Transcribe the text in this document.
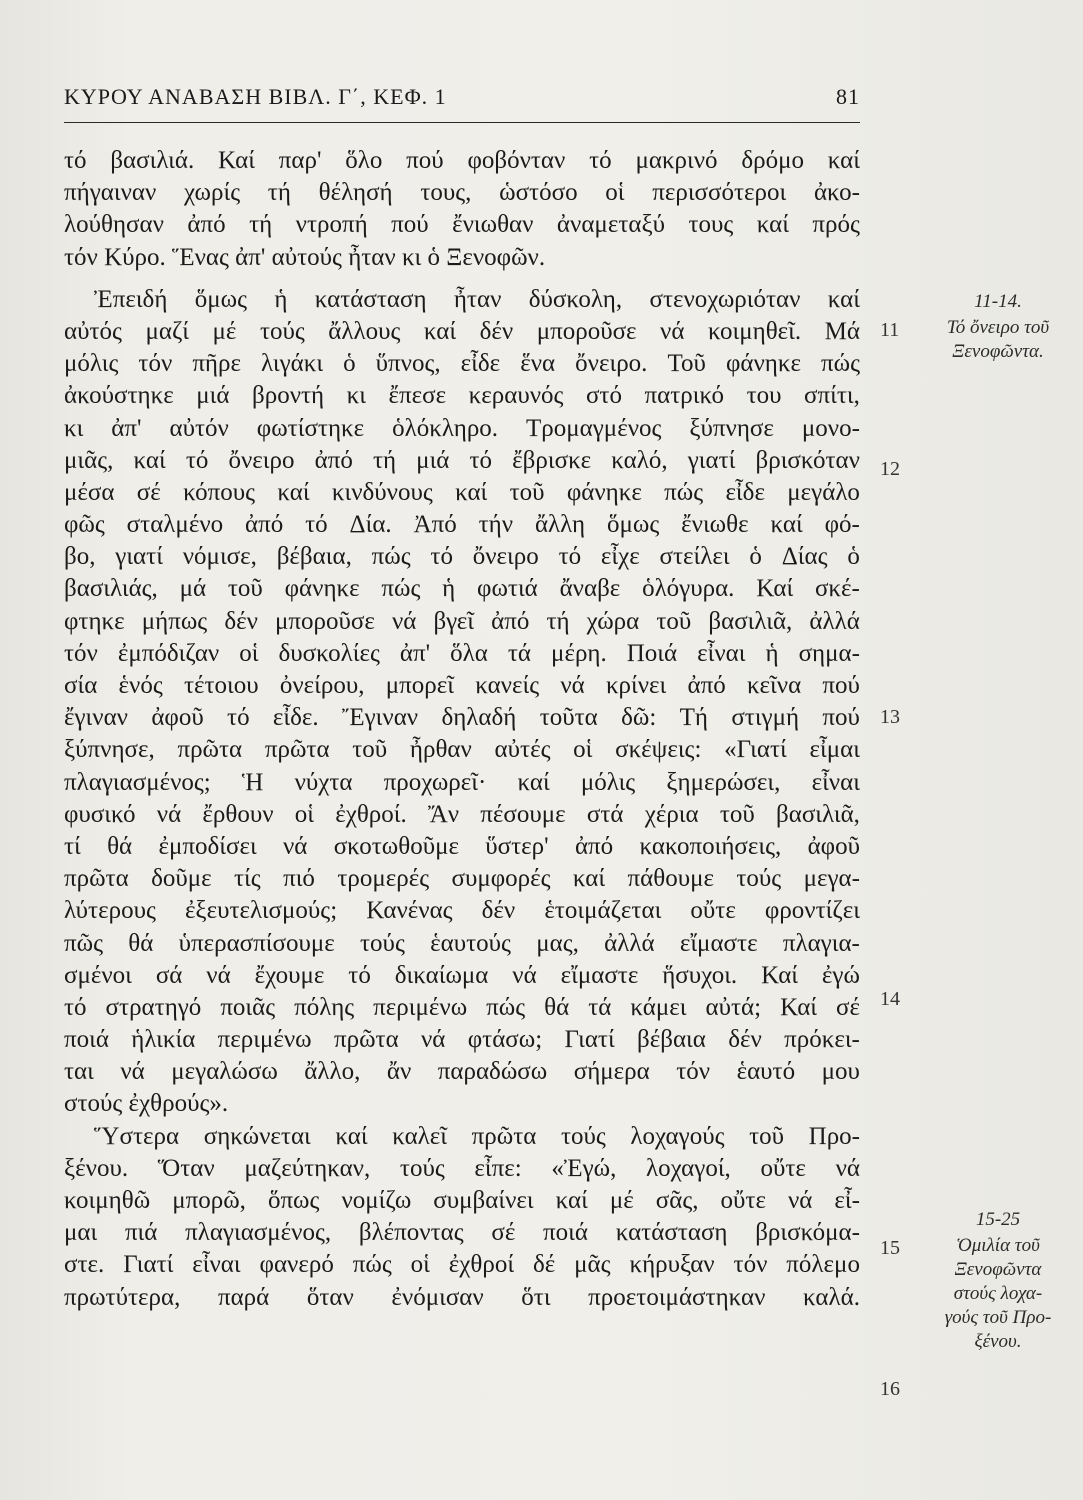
ΚΥΡΟΥ ΑΝΑΒΑΣΗ ΒΙΒΛ. Γ΄, ΚΕΦ. 1	81
τό βασιλιά. Καί παρ' ὅλο πού φοβόνταν τό μακρινό δρόμο καί
πήγαιναν χωρίς τή θέλησή τους, ὡστόσο οἱ περισσότεροι ἀκο-
λούθησαν ἀπό τή ντροπή πού ἔνιωθαν ἀναμεταξύ τους καί πρός
τόν Κύρο. Ἕνας ἀπ' αὐτούς ἦταν κι ὁ Ξενοφῶν.
Ἐπειδή ὅμως ἡ κατάσταση ἦταν δύσκολη, στενοχωριόταν καί
αὐτός μαζί μέ τούς ἄλλους καί δέν μποροῦσε νά κοιμηθεῖ. Μά
μόλις τόν πῆρε λιγάκι ὁ ὕπνος, εἶδε ἕνα ὄνειρο. Τοῦ φάνηκε πώς
ἀκούστηκε μιά βροντή κι ἔπεσε κεραυνός στό πατρικό του σπίτι,
κι ἀπ' αὐτόν φωτίστηκε ὁλόκληρο. Τρομαγμένος ξύπνησε μονο-
μιᾶς, καί τό ὄνειρο ἀπό τή μιά τό ἔβρισκε καλό, γιατί βρισκόταν
μέσα σέ κόπους καί κινδύνους καί τοῦ φάνηκε πώς εἶδε μεγάλο
φῶς σταλμένο ἀπό τό Δία. Ἀπό τήν ἄλλη ὅμως ἔνιωθε καί φό-
βο, γιατί νόμισε, βέβαια, πώς τό ὄνειρο τό εἶχε στείλει ὁ Δίας ὁ
βασιλιάς, μά τοῦ φάνηκε πώς ἡ φωτιά ἄναβε ὁλόγυρα. Καί σκέ-
φτηκε μήπως δέν μποροῦσε νά βγεῖ ἀπό τή χώρα τοῦ βασιλιᾶ, ἀλλά
τόν ἐμπόδιζαν οἱ δυσκολίες ἀπ' ὅλα τά μέρη. Ποιά εἶναι ἡ σημα-
σία ἑνός τέτοιου ὀνείρου, μπορεῖ κανείς νά κρίνει ἀπό κεῖνα πού
ἔγιναν ἀφοῦ τό εἶδε. Ἔγιναν δηλαδή τοῦτα δῶ: Τή στιγμή πού
ξύπνησε, πρῶτα πρῶτα τοῦ ἦρθαν αὐτές οἱ σκέψεις: «Γιατί εἶμαι
πλαγιασμένος; Ἡ νύχτα προχωρεῖ· καί μόλις ξημερώσει, εἶναι
φυσικό νά ἔρθουν οἱ ἐχθροί. Ἄν πέσουμε στά χέρια τοῦ βασιλιᾶ,
τί θά ἐμποδίσει νά σκοτωθοῦμε ὕστερ' ἀπό κακοποιήσεις, ἀφοῦ
πρῶτα δοῦμε τίς πιό τρομερές συμφορές καί πάθουμε τούς μεγα-
λύτερους ἐξευτελισμούς; Κανένας δέν ἑτοιμάζεται οὔτε φροντίζει
πῶς θά ὑπερασπίσουμε τούς ἑαυτούς μας, ἀλλά εἴμαστε πλαγια-
σμένοι σά νά ἔχουμε τό δικαίωμα νά εἴμαστε ἥσυχοι. Καί ἐγώ
τό στρατηγό ποιᾶς πόλης περιμένω πώς θά τά κάμει αὐτά; Καί σέ
ποιά ἡλικία περιμένω πρῶτα νά φτάσω; Γιατί βέβαια δέν πρόκει-
ται νά μεγαλώσω ἄλλο, ἄν παραδώσω σήμερα τόν ἑαυτό μου
στούς ἐχθρούς».
Ὕστερα σηκώνεται καί καλεῖ πρῶτα τούς λοχαγούς τοῦ Προ-
ξένου. Ὅταν μαζεύτηκαν, τούς εἶπε: «Ἐγώ, λοχαγοί, οὔτε νά
κοιμηθῶ μπορῶ, ὅπως νομίζω συμβαίνει καί μέ σᾶς, οὔτε νά εἶ-
μαι πιά πλαγιασμένος, βλέποντας σέ ποιά κατάσταση βρισκόμα-
στε. Γιατί εἶναι φανερό πώς οἱ ἐχθροί δέ μᾶς κήρυξαν τόν πόλεμο
πρωτύτερα, παρά ὅταν ἐνόμισαν ὅτι προετοιμάστηκαν καλά.
11
12
13
14
15
16
11-14.
Τό ὄνειρο τοῦ
Ξενοφῶντα.
15-25
Ὁμιλία τοῦ
Ξενοφῶντα
στούς λοχα-
γούς τοῦ Προ-
ξένου.
